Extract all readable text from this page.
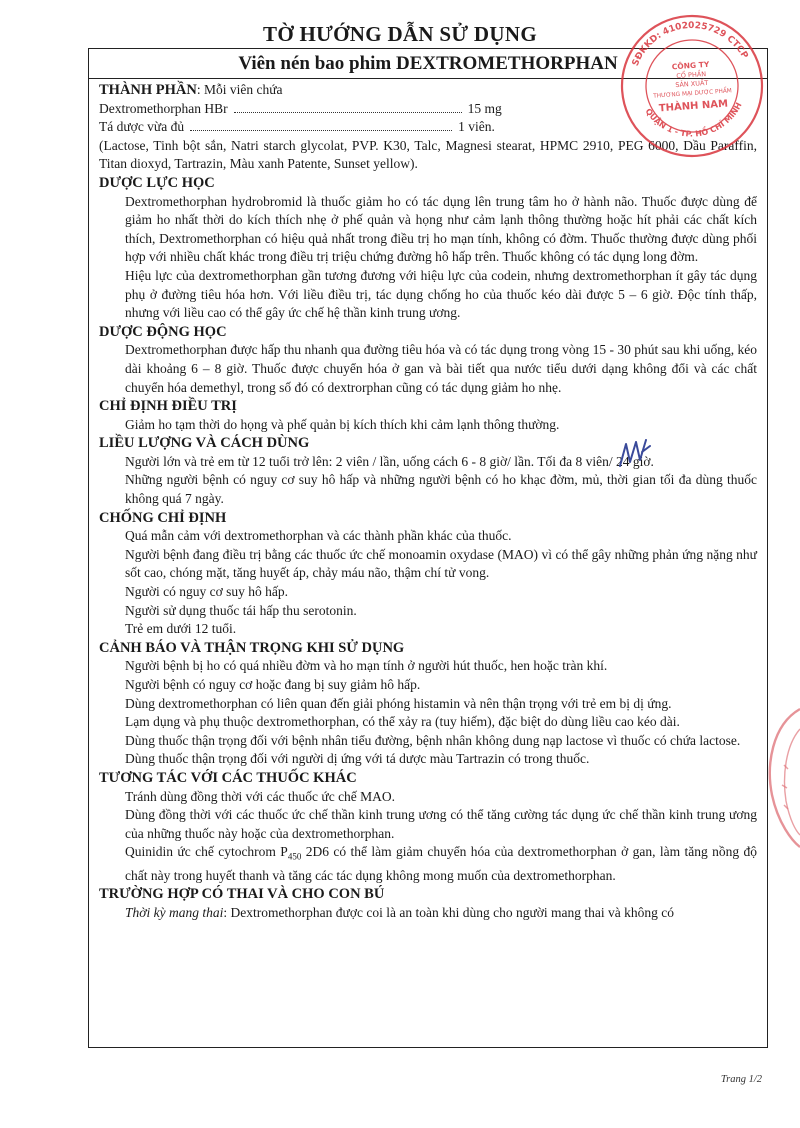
TỜ HƯỚNG DẪN SỬ DỤNG
Viên nén bao phim DEXTROMETHORPHAN
THÀNH PHẦN: Mỗi viên chứa
Dextromethorphan HBr	15 mg
Tá dược vừa đủ	1 viên.
(Lactose, Tinh bột sắn, Natri starch glycolat, PVP. K30, Talc, Magnesi stearat, HPMC 2910, PEG 6000, Dầu Paraffin, Titan dioxyd, Tartrazin, Màu xanh Patente, Sunset yellow).
DƯỢC LỰC HỌC
Dextromethorphan hydrobromid là thuốc giảm ho có tác dụng lên trung tâm ho ở hành não. Thuốc được dùng để giảm ho nhất thời do kích thích nhẹ ở phế quản và họng như cảm lạnh thông thường hoặc hít phải các chất kích thích, Dextromethorphan có hiệu quả nhất trong điều trị ho mạn tính, không có đờm. Thuốc thường được dùng phối hợp với nhiều chất khác trong điều trị triệu chứng đường hô hấp trên. Thuốc không có tác dụng long đờm.
Hiệu lực của dextromethorphan gần tương đương với hiệu lực của codein, nhưng dextromethorphan ít gây tác dụng phụ ở đường tiêu hóa hơn. Với liều điều trị, tác dụng chống ho của thuốc kéo dài được 5 – 6 giờ. Độc tính thấp, nhưng với liều cao có thể gây ức chế hệ thần kinh trung ương.
DƯỢC ĐỘNG HỌC
Dextromethorphan được hấp thu nhanh qua đường tiêu hóa và có tác dụng trong vòng 15 - 30 phút sau khi uống, kéo dài khoảng 6 – 8 giờ. Thuốc được chuyển hóa ở gan và bài tiết qua nước tiểu dưới dạng không đổi và các chất chuyển hóa demethyl, trong số đó có dextrorphan cũng có tác dụng giảm ho nhẹ.
CHỈ ĐỊNH ĐIỀU TRỊ
Giảm ho tạm thời do họng và phế quản bị kích thích khi cảm lạnh thông thường.
LIỀU LƯỢNG VÀ CÁCH DÙNG
Người lớn và trẻ em từ 12 tuổi trở lên: 2 viên / lần, uống cách 6 - 8 giờ/ lần. Tối đa 8 viên/ 24 giờ.
Những người bệnh có nguy cơ suy hô hấp và những người bệnh có ho khạc đờm, mủ, thời gian tối đa dùng thuốc không quá 7 ngày.
CHỐNG CHỈ ĐỊNH
Quá mẫn cảm với dextromethorphan và các thành phần khác của thuốc.
Người bệnh đang điều trị bằng các thuốc ức chế monoamin oxydase (MAO) vì có thể gây những phản ứng nặng như sốt cao, chóng mặt, tăng huyết áp, chảy máu não, thậm chí tử vong.
Người có nguy cơ suy hô hấp.
Người sử dụng thuốc tái hấp thu serotonin.
Trẻ em dưới 12 tuổi.
CẢNH BÁO VÀ THẬN TRỌNG KHI SỬ DỤNG
Người bệnh bị ho có quá nhiều đờm và ho mạn tính ở người hút thuốc, hen hoặc tràn khí.
Người bệnh có nguy cơ hoặc đang bị suy giảm hô hấp.
Dùng dextromethorphan có liên quan đến giải phóng histamin và nên thận trọng với trẻ em bị dị ứng.
Lạm dụng và phụ thuộc dextromethorphan, có thể xảy ra (tuy hiếm), đặc biệt do dùng liều cao kéo dài.
Dùng thuốc thận trọng đối với bệnh nhân tiểu đường, bệnh nhân không dung nạp lactose vì thuốc có chứa lactose.
Dùng thuốc thận trọng đối với người dị ứng với tá dược màu Tartrazin có trong thuốc.
TƯƠNG TÁC VỚI CÁC THUỐC KHÁC
Tránh dùng đồng thời với các thuốc ức chế MAO.
Dùng đồng thời với các thuốc ức chế thần kinh trung ương có thể tăng cường tác dụng ức chế thần kinh trung ương của những thuốc này hoặc của dextromethorphan.
Quinidin ức chế cytochrom $P_{450}$ 2D6 có thể làm giảm chuyển hóa của dextromethorphan ở gan, làm tăng nồng độ chất này trong huyết thanh và tăng các tác dụng không mong muốn của dextromethorphan.
TRƯỜNG HỢP CÓ THAI VÀ CHO CON BÚ
Thời kỳ mang thai: Dextromethorphan được coi là an toàn khi dùng cho người mang thai và không có
Trang 1/2
SĐKKD: 4102025729 CTCP
QUẬN 1 - TP. HỒ CHÍ MINH
CÔNG TY
CỔ PHẦN
SẢN XUẤT
THƯƠNG MẠI DƯỢC PHẨM
THÀNH NAM
